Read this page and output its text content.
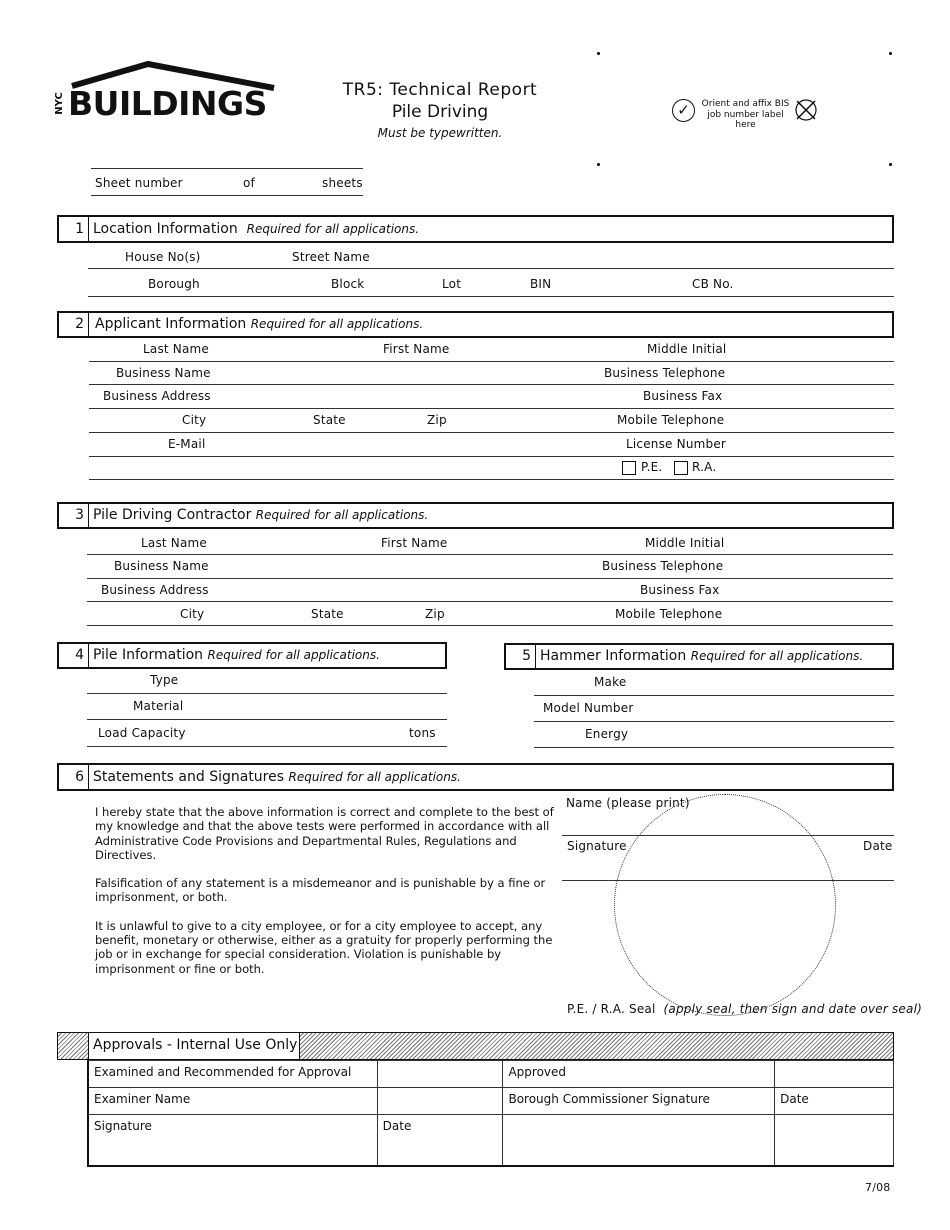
NYC BUILDINGS	TR5: Technical Report
Pile Driving
Must be typewritten.
✓	Orient and affix BIS
job number label here
Sheet number	of	sheets
1 Location Information Required for all applications.
House No(s)	Street Name
Borough	Block	Lot	BIN	CB No.
2 Applicant Information Required for all applications.
Last Name	First Name	Middle Initial
Business Name	Business Telephone
Business Address	Business Fax
City	State	Zip	Mobile Telephone
E-Mail	License Number
P.E. R.A.
3 Pile Driving Contractor Required for all applications.
Last Name	First Name	Middle Initial
Business Name	Business Telephone
Business Address	Business Fax
City	State	Zip	Mobile Telephone
4 Pile Information Required for all applications.
Type
Material
Load Capacity	tons
5 Hammer Information Required for all applications.
Make
Model Number
Energy
6 Statements and Signatures Required for all applications.

I hereby state that the above information is correct and complete to the best of my knowledge and that the above tests were performed in accordance with all Administrative Code Provisions and Departmental Rules, Regulations and Directives.

Falsification of any statement is a misdemeanor and is punishable by a fine or imprisonment, or both.

It is unlawful to give to a city employee, or for a city employee to accept, any benefit, monetary or otherwise, either as a gratuity for properly performing the job or in exchange for special consideration. Violation is punishable by imprisonment or fine or both.

Name (please print)
Signature	Date
P.E. / R.A. Seal (apply seal, then sign and date over seal)
Approvals - Internal Use Only
Examined and Recommended for Approval		Approved	
Examiner Name		Borough Commissioner Signature	Date
Signature	Date		
7/08
